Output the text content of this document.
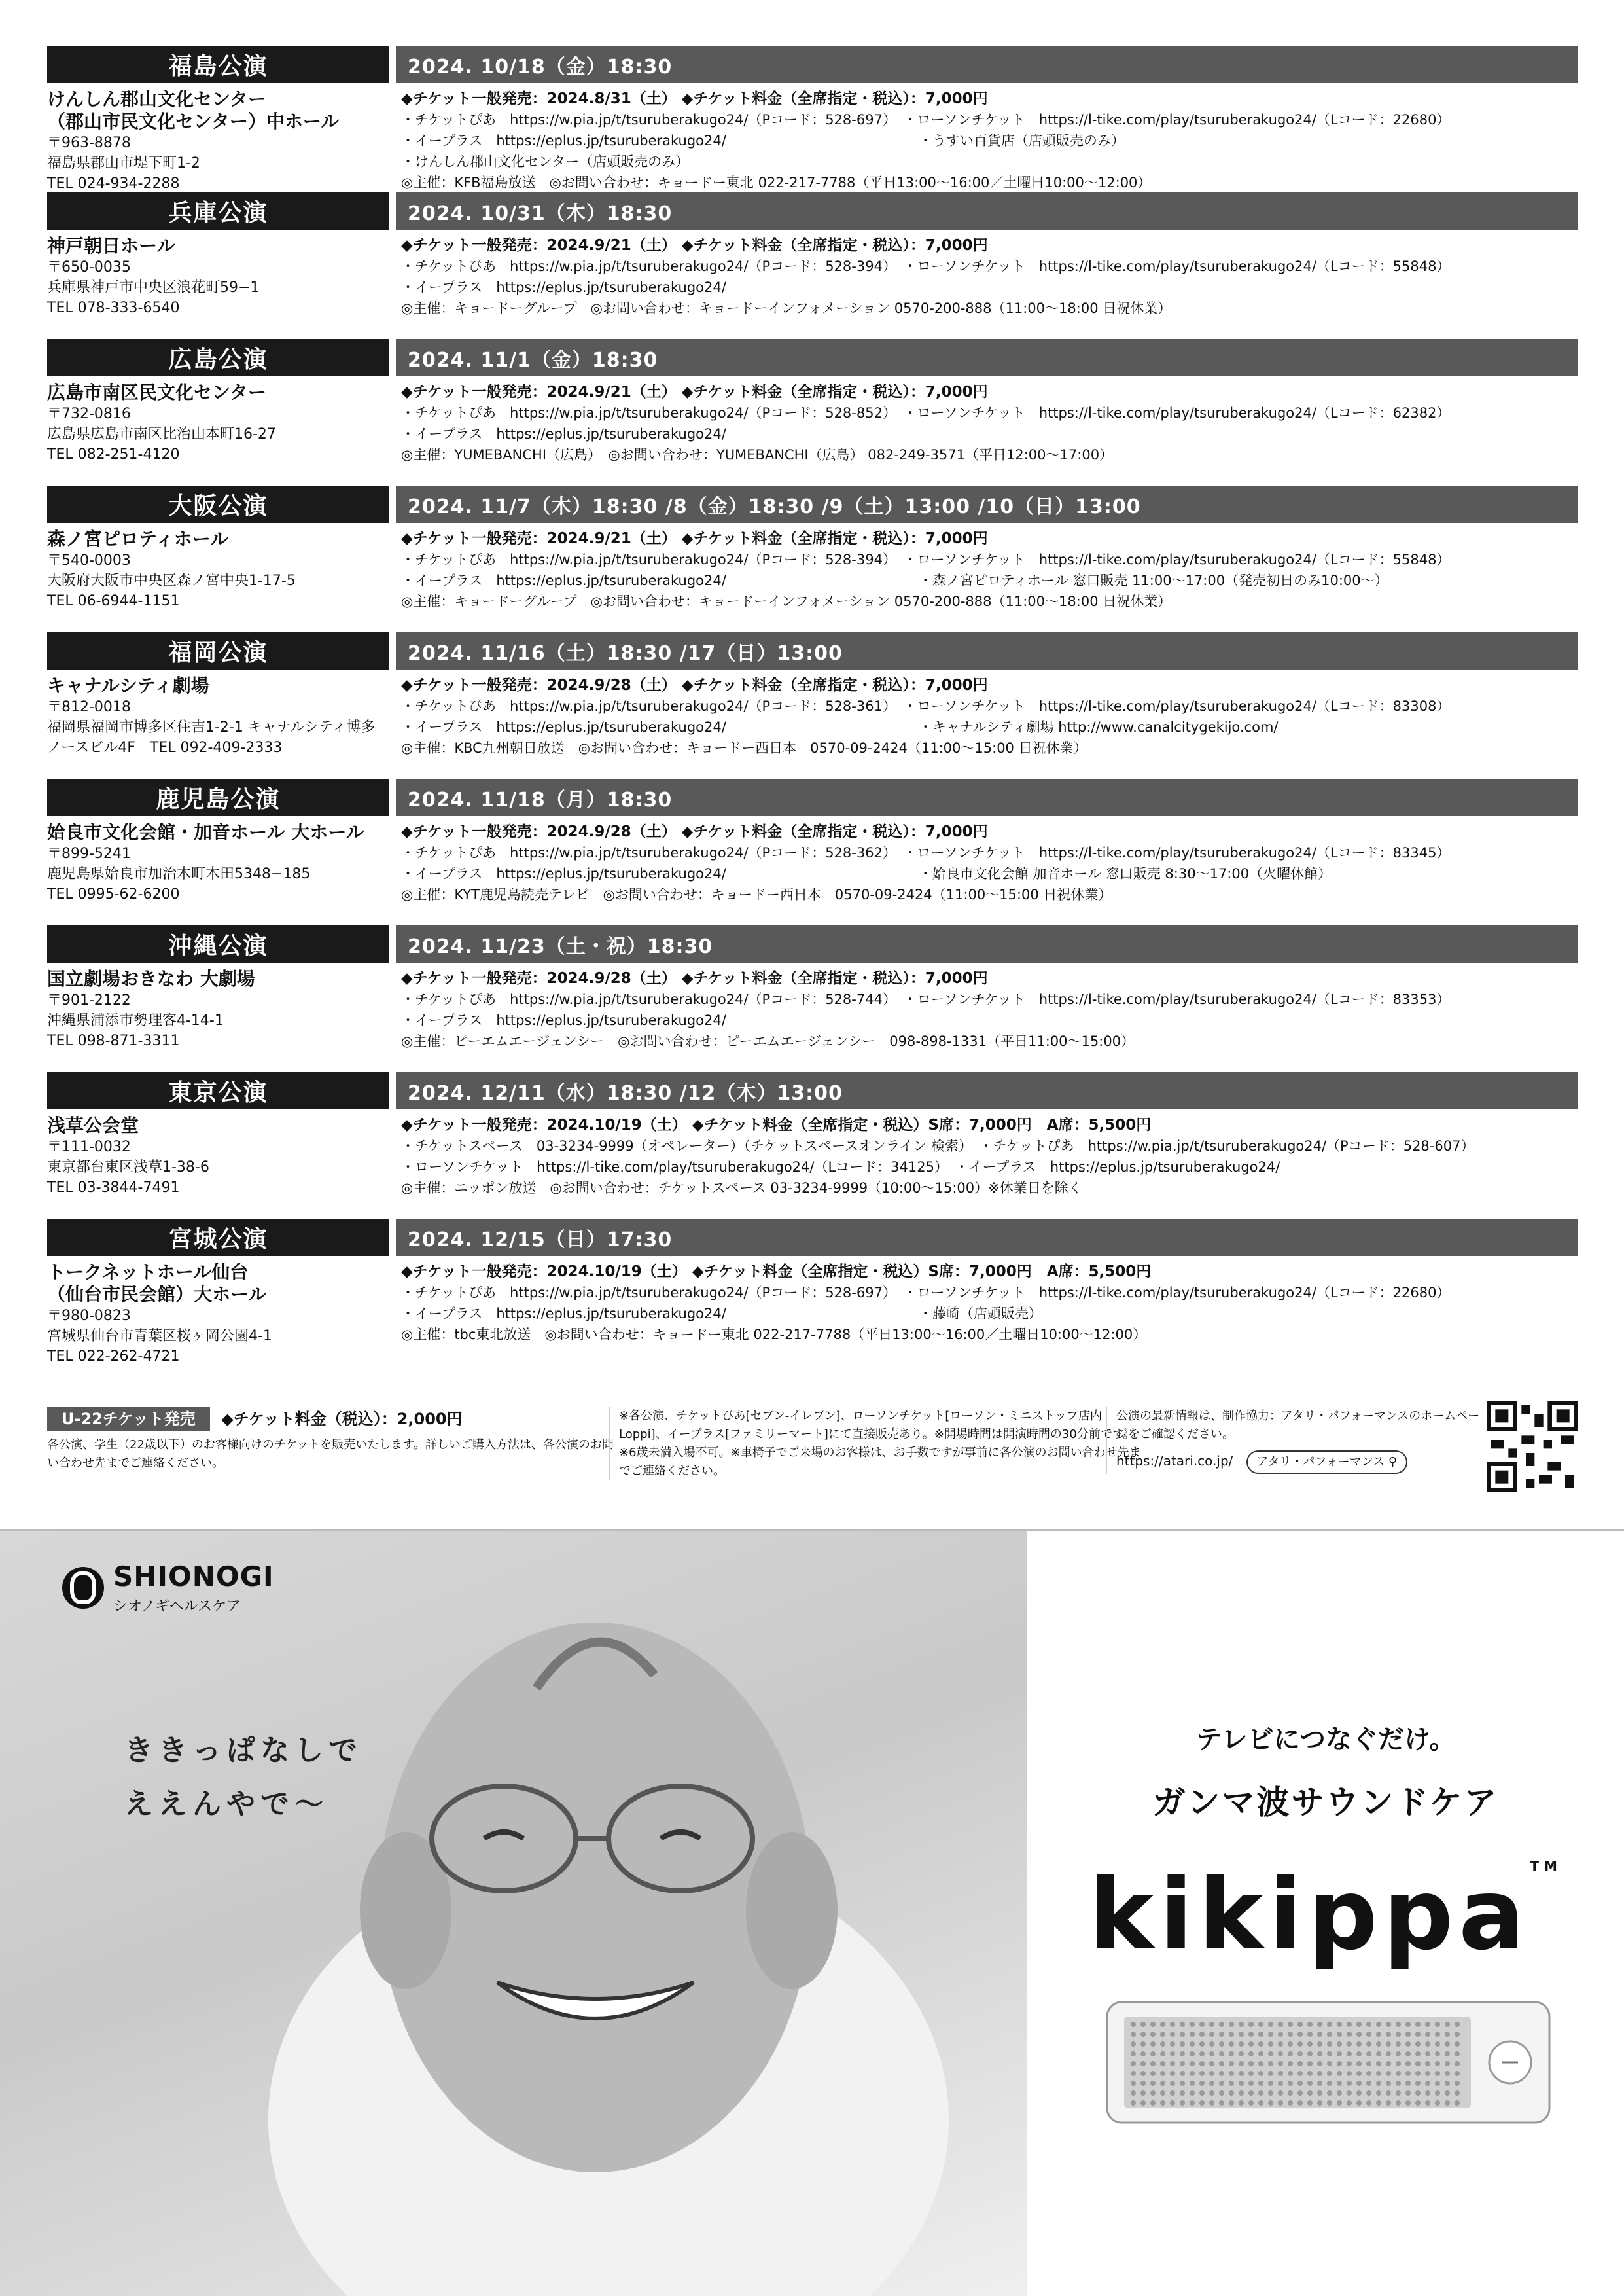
福島公演	2024. 10/18（金）18:30
けんしん郡山文化センター
（郡山市民文化センター）中ホール
〒963-8878
福島県郡山市堤下町1-2
TEL 024-934-2288
◆チケット一般発売：2024.8/31（土） ◆チケット料金（全席指定・税込）：7,000円
・チケットぴあ　https://w.pia.jp/t/tsuruberakugo24/（Pコード：528-697）　・ローソンチケット　https://l-tike.com/play/tsuruberakugo24/（Lコード：22680）
・イープラス　https://eplus.jp/tsuruberakugo24/　　　　　　　　　　　　　　・うすい百貨店（店頭販売のみ）
・けんしん郡山文化センター（店頭販売のみ）
◎主催：KFB福島放送　◎お問い合わせ：キョードー東北 022-217-7788（平日13:00〜16:00／土曜日10:00〜12:00）
兵庫公演	2024. 10/31（木）18:30
神戸朝日ホール
〒650-0035
兵庫県神戸市中央区浪花町59−1
TEL 078-333-6540
◆チケット一般発売：2024.9/21（土） ◆チケット料金（全席指定・税込）：7,000円
・チケットぴあ　https://w.pia.jp/t/tsuruberakugo24/（Pコード：528-394）　・ローソンチケット　https://l-tike.com/play/tsuruberakugo24/（Lコード：55848）
・イープラス　https://eplus.jp/tsuruberakugo24/
◎主催：キョードーグループ　◎お問い合わせ：キョードーインフォメーション 0570-200-888（11:00〜18:00 日祝休業）
広島公演	2024. 11/1（金）18:30
広島市南区民文化センター
〒732-0816
広島県広島市南区比治山本町16-27
TEL 082-251-4120
◆チケット一般発売：2024.9/21（土） ◆チケット料金（全席指定・税込）：7,000円
・チケットぴあ　https://w.pia.jp/t/tsuruberakugo24/（Pコード：528-852）　・ローソンチケット　https://l-tike.com/play/tsuruberakugo24/（Lコード：62382）
・イープラス　https://eplus.jp/tsuruberakugo24/
◎主催：YUMEBANCHI（広島）　◎お問い合わせ：YUMEBANCHI（広島） 082-249-3571（平日12:00〜17:00）
大阪公演	2024. 11/7（木）18:30 /8（金）18:30 /9（土）13:00 /10（日）13:00
森ノ宮ピロティホール
〒540-0003
大阪府大阪市中央区森ノ宮中央1-17-5
TEL 06-6944-1151
◆チケット一般発売：2024.9/21（土） ◆チケット料金（全席指定・税込）：7,000円
・チケットぴあ　https://w.pia.jp/t/tsuruberakugo24/（Pコード：528-394）　・ローソンチケット　https://l-tike.com/play/tsuruberakugo24/（Lコード：55848）
・イープラス　https://eplus.jp/tsuruberakugo24/　　　　　　　　　　　　　　・森ノ宮ピロティホール 窓口販売 11:00〜17:00（発売初日のみ10:00〜）
◎主催：キョードーグループ　◎お問い合わせ：キョードーインフォメーション 0570-200-888（11:00〜18:00 日祝休業）
福岡公演	2024. 11/16（土）18:30 /17（日）13:00
キャナルシティ劇場
〒812-0018
福岡県福岡市博多区住吉1-2-1 キャナルシティ博多
ノースビル4F　TEL 092-409-2333
◆チケット一般発売：2024.9/28（土） ◆チケット料金（全席指定・税込）：7,000円
・チケットぴあ　https://w.pia.jp/t/tsuruberakugo24/（Pコード：528-361）　・ローソンチケット　https://l-tike.com/play/tsuruberakugo24/（Lコード：83308）
・イープラス　https://eplus.jp/tsuruberakugo24/　　　　　　　　　　　　　　・キャナルシティ劇場 http://www.canalcitygekijo.com/
◎主催：KBC九州朝日放送　◎お問い合わせ：キョードー西日本　0570-09-2424（11:00〜15:00 日祝休業）
鹿児島公演	2024. 11/18（月）18:30
姶良市文化会館・加音ホール 大ホール
〒899-5241
鹿児島県姶良市加治木町木田5348−185
TEL 0995-62-6200
◆チケット一般発売：2024.9/28（土） ◆チケット料金（全席指定・税込）：7,000円
・チケットぴあ　https://w.pia.jp/t/tsuruberakugo24/（Pコード：528-362）　・ローソンチケット　https://l-tike.com/play/tsuruberakugo24/（Lコード：83345）
・イープラス　https://eplus.jp/tsuruberakugo24/　　　　　　　　　　　　　　・姶良市文化会館 加音ホール 窓口販売 8:30〜17:00（火曜休館）
◎主催：KYT鹿児島読売テレビ　◎お問い合わせ：キョードー西日本　0570-09-2424（11:00〜15:00 日祝休業）
沖縄公演	2024. 11/23（土・祝）18:30
国立劇場おきなわ 大劇場
〒901-2122
沖縄県浦添市勢理客4-14-1
TEL 098-871-3311
◆チケット一般発売：2024.9/28（土） ◆チケット料金（全席指定・税込）：7,000円
・チケットぴあ　https://w.pia.jp/t/tsuruberakugo24/（Pコード：528-744）　・ローソンチケット　https://l-tike.com/play/tsuruberakugo24/（Lコード：83353）
・イープラス　https://eplus.jp/tsuruberakugo24/
◎主催：ピーエムエージェンシー　◎お問い合わせ：ピーエムエージェンシー　098-898-1331（平日11:00〜15:00）
東京公演	2024. 12/11（水）18:30 /12（木）13:00
浅草公会堂
〒111-0032
東京都台東区浅草1-38-6
TEL 03-3844-7491
◆チケット一般発売：2024.10/19（土） ◆チケット料金（全席指定・税込）S席：7,000円　A席：5,500円
・チケットスペース　03-3234-9999（オペレーター）（チケットスペースオンライン 検索）　・チケットぴあ　https://w.pia.jp/t/tsuruberakugo24/（Pコード：528-607）
・ローソンチケット　https://l-tike.com/play/tsuruberakugo24/（Lコード：34125）　・イープラス　https://eplus.jp/tsuruberakugo24/
◎主催：ニッポン放送　◎お問い合わせ：チケットスペース 03-3234-9999（10:00〜15:00）※休業日を除く
宮城公演	2024. 12/15（日）17:30
トークネットホール仙台
（仙台市民会館）大ホール
〒980-0823
宮城県仙台市青葉区桜ヶ岡公園4-1
TEL 022-262-4721
◆チケット一般発売：2024.10/19（土） ◆チケット料金（全席指定・税込）S席：7,000円　A席：5,500円
・チケットぴあ　https://w.pia.jp/t/tsuruberakugo24/（Pコード：528-697）　・ローソンチケット　https://l-tike.com/play/tsuruberakugo24/（Lコード：22680）
・イープラス　https://eplus.jp/tsuruberakugo24/　　　　　　　　　　　　　　・藤崎（店頭販売）
◎主催：tbc東北放送　◎お問い合わせ：キョードー東北 022-217-7788（平日13:00〜16:00／土曜日10:00〜12:00）
U-22チケット発売 ◆チケット料金（税込）：2,000円
各公演、学生（22歳以下）のお客様向けのチケットを販売いたします。詳しいご購入方法は、各公演のお問い合わせ先までご連絡ください。
※各公演、チケットぴあ[セブン-イレブン]、ローソンチケット[ローソン・ミニストップ店内Loppi]、イープラス[ファミリーマート]にて直接販売あり。※開場時間は開演時間の30分前です。※6歳未満入場不可。※車椅子でご来場のお客様は、お手数ですが事前に各公演のお問い合わせ先までご連絡ください。
公演の最新情報は、制作協力：アタリ・パフォーマンスのホームページをご確認ください。
https://atari.co.jp/ アタリ・パフォーマンス ⚲
SHIONOGI
シオノギヘルスケア
ききっぱなしで
ええんやで〜
テレビにつなぐだけ。
ガンマ波サウンドケア
kikippa™
